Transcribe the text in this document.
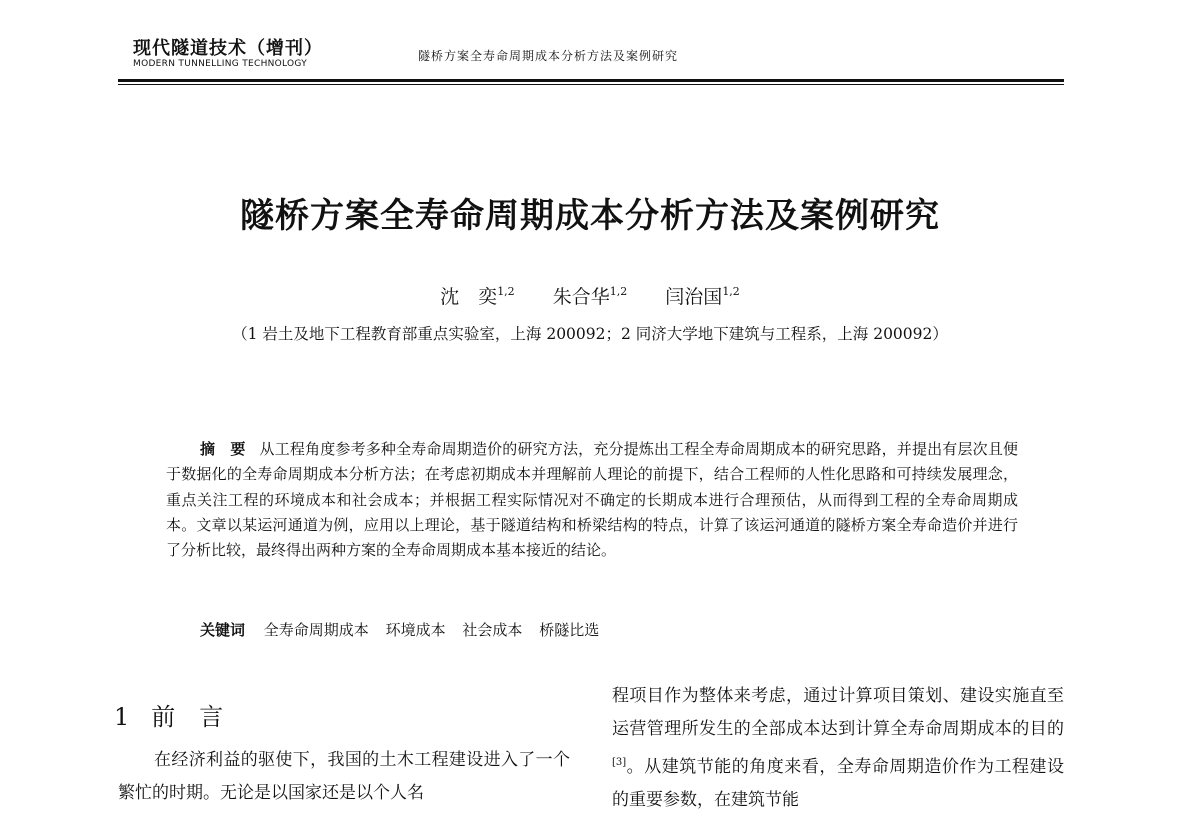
现代隧道技术（增刊）
MODERN TUNNELLING TECHNOLOGY
隧桥方案全寿命周期成本分析方法及案例研究
隧桥方案全寿命周期成本分析方法及案例研究
沈　奕$^{1,2}$ 朱合华$^{1,2}$ 闫治国$^{1,2}$
（1 岩土及地下工程教育部重点实验室，上海 200092；2 同济大学地下建筑与工程系，上海 200092）
摘　要 从工程角度参考多种全寿命周期造价的研究方法，充分提炼出工程全寿命周期成本的研究思路，并提出有层次且便于数据化的全寿命周期成本分析方法；在考虑初期成本并理解前人理论的前提下，结合工程师的人性化思路和可持续发展理念，重点关注工程的环境成本和社会成本；并根据工程实际情况对不确定的长期成本进行合理预估，从而得到工程的全寿命周期成本。文章以某运河通道为例，应用以上理论，基于隧道结构和桥梁结构的特点，计算了该运河通道的隧桥方案全寿命造价并进行了分析比较，最终得出两种方案的全寿命周期成本基本接近的结论。
关键词 全寿命周期成本 环境成本 社会成本 桥隧比选
1 前　言

在经济利益的驱使下，我国的土木工程建设进入了一个繁忙的时期。无论是以国家还是以个人名

程项目作为整体来考虑，通过计算项目策划、建设实施直至运营管理所发生的全部成本达到计算全寿命周期成本的目的[3]。从建筑节能的角度来看，全寿命周期造价作为工程建设的重要参数，在建筑节能
